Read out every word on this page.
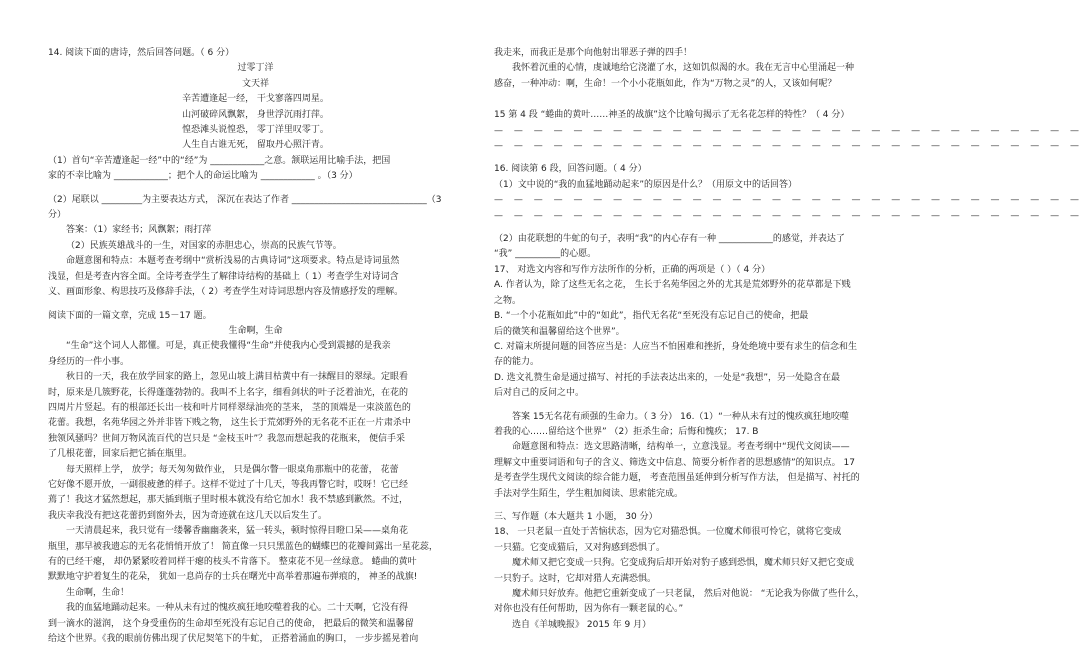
14. 阅读下面的唐诗，然后回答问题。（ 6 分）
过零丁洋
文天祥
辛苦遭逢起一经， 干戈寥落四周星。
山河破碎风飘絮， 身世浮沉雨打萍。
惶恐滩头说惶恐， 零丁洋里叹零丁。
人生自古谁无死， 留取丹心照汗青。
（1）首句“辛苦遭逢起一经”中的“经”为 ____________之意。颔联运用比喻手法，把国
家的不幸比喻为 ____________；把个人的命运比喻为 ____________ 。（3 分）
（2）尾联以 _________为主要表达方式， 深沉在表达了作者 ______________________________（3
分）
答案：（1）家经书；风飘絮；雨打萍
（2）民族英雄战斗的一生，对国家的赤胆忠心，崇高的民族气节等。
命题意图和特点：本题考查考纲中“赏析浅易的古典诗词”这项要求。特点是诗词虽然
浅显，但是考查内容全面。全诗考查学生了解律诗结构的基础上（ 1）考查学生对诗词含
义、画面形象、构思技巧及修辞手法，（ 2）考查学生对诗词思想内容及情感抒发的理解。
阅读下面的一篇文章，完成 15－17 题。
生命啊，生命
“生命”这个词人人都懂。可是，真正使我懂得“生命”并使我内心受到震撼的是我亲
身经历的一件小事。
秋日的一天，我在放学回家的路上，忽见山坡上满目枯黄中有一抹醒目的翠绿。定眼看
时，原来是几簇野花，长得蓬蓬勃勃的。我叫不上名字，细看剑状的叶子泛着油光，在花的
四周片片竖起。有的根部还长出一枝和叶片同样翠绿油亮的茎来， 茎的顶端是一束淡蓝色的
花蕾。我想，名苑华园之外并非皆下贱之物， 这生长于荒郊野外的无名花不正在一片肃杀中
独领风骚吗？世间万物风流百代的岂只是 “金枝玉叶”？我忽而想起我的花瓶来， 便信手采
了几根花蕾，回家后把它插在瓶里。
每天照样上学， 放学；每天匆匆做作业， 只是偶尔瞥一眼桌角那瓶中的花蕾， 花蕾
它好像不愿开放，一副很疲惫的样子。这样不觉过了十几天，等我再瞥它时，哎呀！它已经
蔫了！我这才猛然想起，那天插到瓶子里时根本就没有给它加水！我不禁感到歉然。不过，
我庆幸我没有把这花蕾扔到窗外去，因为奇迹就在这几天以后发生了。
一天清晨起来，我只觉有一缕馨香幽幽袭来，猛一转头，顿时惊得目瞪口呆——桌角花
瓶里，那早被我遗忘的无名花悄悄开放了！ 简直像一只只黑蓝色的蝴蝶巴的花瓣间露出一星花蕊，
有的已经干瘪， 却仍紧紧咬着同样干瘪的枝头不肯落下。 整束花不见一丝绿意。 蜷曲的黄叶
默默地守护着复生的花朵， 犹如一息尚存的士兵在曙光中高举着那遍布弹痕的， 神圣的战旗!
生命啊，生命！
我的血猛地踊动起来。一种从未有过的愧疚疯狂地咬噬着我的心。二十天啊，它没有得
到一滴水的滋润， 这个身受重伤的生命却至死没有忘记自己的使命， 把最后的微笑和温馨留
给这个世界。《我的眼前仿佛出现了伏尼契笔下的牛虻， 正搭着涌血的胸口， 一步步摇晃着向
我走来，而我正是那个向他射出罪恶子弹的四手！
我怀着沉重的心情，虔诚地给它浇灌了水，这如饥似渴的水。我在无言中心里涌起一种
感奋，一种冲动：啊，生命！一个小小花瓶如此，作为“万物之灵”的人，又该如何呢？
15 第 4 段 “蜷曲的黄叶……神圣的战旗”这个比喻句揭示了无名花怎样的特性？（ 4 分）
— — — — — — — — — — — — — — — — — — — — — — — — — — — — — —
— — — — — — — — — — — — — — — — — — — — — — — — — — — — — —
16. 阅读第 6 段，回答问题。（ 4 分）
（1）文中说的“我的血猛地踊动起来”的原因是什么？（用原文中的话回答）
— — — — — — — — — — — — — — — — — — — — — — — — — — — — — —
— — — — — — — — — — — — — — — — — — — — — — — — — — — — — —
（2）由花联想的牛虻的句子，表明“我”的内心存有一种 ____________的感觉，并表达了
“我” __________的心愿。
17、 对选文内容和写作方法所作的分析，正确的两项是（ ）（ 4 分）
A. 作者认为，除了这些无名之花， 生长于名苑华园之外的尤其是荒郊野外的花草都是下贱
之物。
B. “一个小花瓶如此”中的“如此”，指代无名花“至死没有忘记自己的使命，把最
后的微笑和温馨留给这个世界”。
C. 对篇末所提问题的回答应当是：人应当不怕困难和挫折，身处绝境中要有求生的信念和生
存的能力。
D. 选文礼赞生命是通过描写、衬托的手法表达出来的，一处是“我想”，另一处隐含在最
后对自己的反问之中。
答案 15无名花有顽强的生命力。（ 3 分） 16.（1）“一种从未有过的愧疚疯狂地咬噬
着我的心……留给这个世界” （2）拒杀生命；后悔和愧疚； 17. B
命题意图和特点：选文思路清晰，结构单一，立意浅显。考查考纲中“现代文阅读——
理解文中重要词语和句子的含义、筛选文中信息、简要分析作者的思想感情”的知识点。 17
是考查学生现代文阅读的综合能力题， 考查范围虽延伸到分析写作方法， 但是描写、衬托的
手法对学生陌生，学生粗加阅读、思索能完成。
三、写作题（本大题共 1 小题， 30 分）
18、 一只老鼠一直处于苦恼状态，因为它对猫恐惧。一位魔术师很可怜它，就将它变成
一只猫。它变成猫后，又对狗感到恐惧了。
魔术师又把它变成一只狗。它变成狗后却开始对豹子感到恐惧，魔术师只好又把它变成
一只豹子。这时，它却对猎人充满恐惧。
魔术师只好放弃。他把它重新变成了一只老鼠， 然后对他说： “无论我为你做了些什么，
对你也没有任何帮助，因为你有一颗老鼠的心。”
选自《羊城晚报》 2015 年 9 月）
